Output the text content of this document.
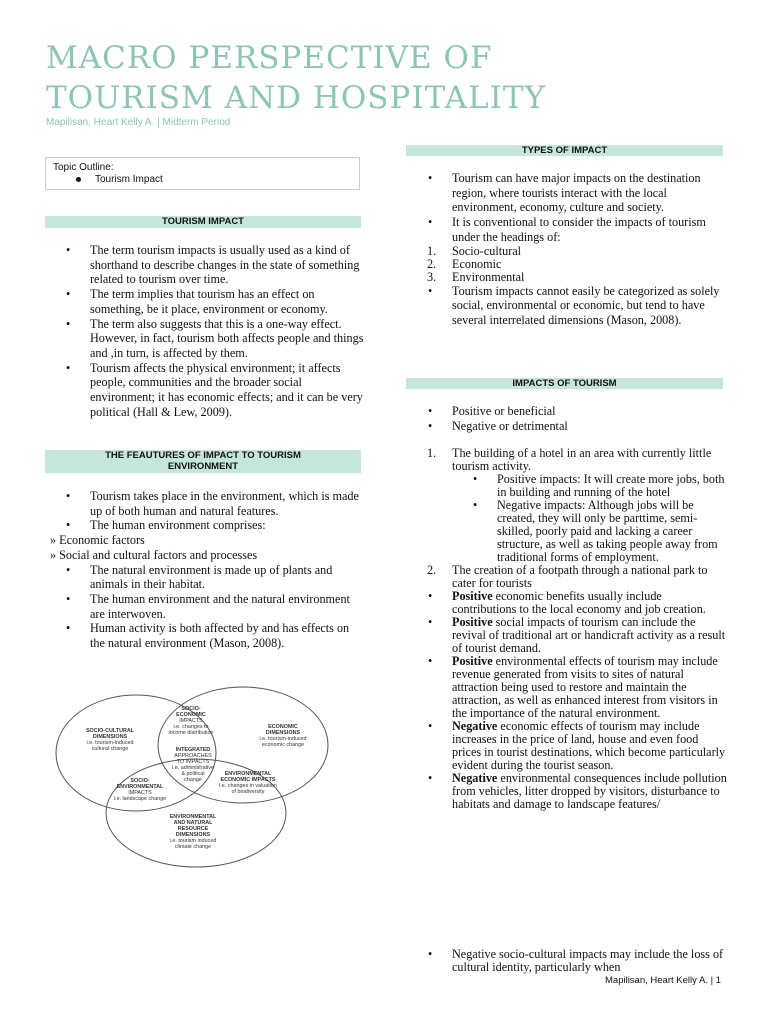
MACRO PERSPECTIVE OF
TOURISM AND HOSPITALITY
Mapilisan, Heart Kelly A. | Midterm Period
Topic Outline:
Tourism Impact
TOURISM IMPACT
• The term tourism impacts is usually used as a kind of shorthand to describe changes in the state of something related to tourism over time.
• The term implies that tourism has an effect on something, be it place, environment or economy.
• The term also suggests that this is a one-way effect. However, in fact, tourism both affects people and things and ,in turn, is affected by them.
• Tourism affects the physical environment; it affects people, communities and the broader social environment; it has economic effects; and it can be very political (Hall & Lew, 2009).
THE FEAUTURES OF IMPACT TO TOURISM
ENVIRONMENT
• Tourism takes place in the environment, which is made up of both human and natural features.
• The human environment comprises:
» Economic factors
» Social and cultural factors and processes
• The natural environment is made up of plants and animals in their habitat.
• The human environment and the natural environment are interwoven.
• Human activity is both affected by and has effects on the natural environment (Mason, 2008).
SOCIO-CULTURAL
DIMENSIONS
i.e. tourism-induced
cultural change
SOCIO-
ECONOMIC
IMPACTS
i.e. changes to
income distribution
ECONOMIC
DIMENSIONS
i.e. tourism-induced
economic change
INTEGRATED
APPROACHES
TO IMPACTS
i.e. administrative
& political
change
SOCIO-
ENVIRONMENTAL
IMPACTS
i.e. landscape change
ENVIRONMENTAL
ECONOMIC IMPACTS
i.e. changes in valuation
of biodiversity
ENVIRONMENTAL
AND NATURAL
RESOURCE
DIMENSIONS
i.e. tourism induced
climate change
TYPES OF IMPACT
• Tourism can have major impacts on the destination region, where tourists interact with the local environment, economy, culture and society.
• It is conventional to consider the impacts of tourism under the headings of:
1. Socio-cultural
2. Economic
3. Environmental
• Tourism impacts cannot easily be categorized as solely social, environmental or economic, but tend to have several interrelated dimensions (Mason, 2008).
IMPACTS OF TOURISM
• Positive or beneficial
• Negative or detrimental
1. The building of a hotel in an area with currently little tourism activity.
• Positive impacts: It will create more jobs, both in building and running of the hotel
• Negative impacts: Although jobs will be created, they will only be parttime, semi-skilled, poorly paid and lacking a career structure, as well as taking people away from traditional forms of employment.
2. The creation of a footpath through a national park to cater for tourists
• Positive economic benefits usually include contributions to the local economy and job creation.
• Positive social impacts of tourism can include the revival of traditional art or handicraft activity as a result of tourist demand.
• Positive environmental effects of tourism may include revenue generated from visits to sites of natural attraction being used to restore and maintain the attraction, as well as enhanced interest from visitors in the importance of the natural environment.
• Negative economic effects of tourism may include increases in the price of land, house and even food prices in tourist destinations, which become particularly evident during the tourist season.
• Negative environmental consequences include pollution from vehicles, litter dropped by visitors, disturbance to habitats and damage to landscape features/
• Negative socio-cultural impacts may include the loss of cultural identity, particularly when
Mapilisan, Heart Kelly A. | 1
